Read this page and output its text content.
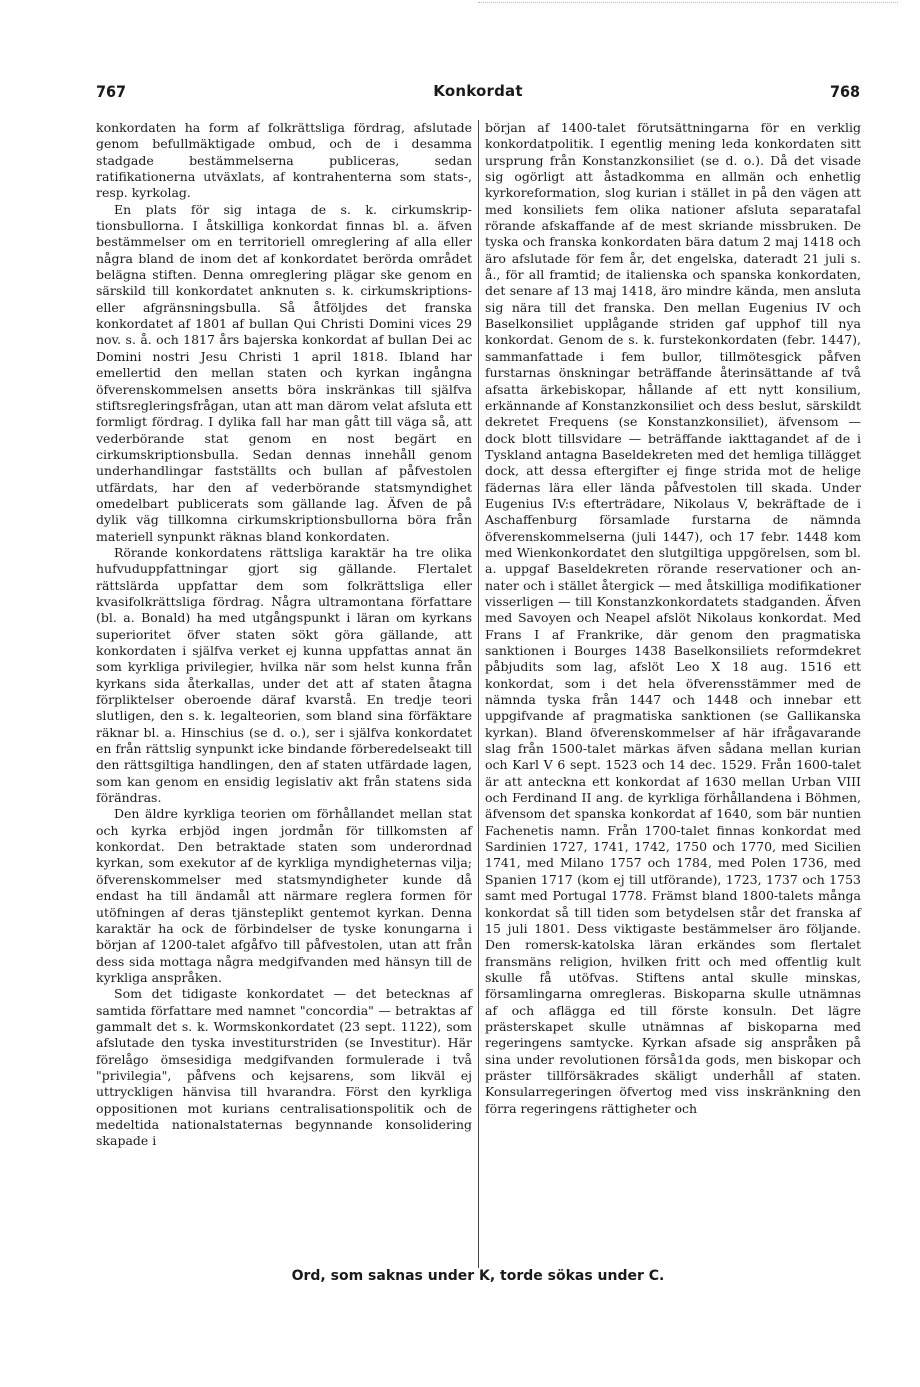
767	Konkordat	768

konkordaten ha form af folkrättsliga fördrag, afslutade genom befullmäktigade ombud, och de i desamma stadgade bestämmelserna publiceras, sedan ratifikationerna utväxlats, af kontrahenterna som stats-, resp. kyrkolag.

En plats för sig intaga de s. k. cirkumskriptionsbullorna. I åtskilliga konkordat finnas bl. a. äfven bestämmelser om en territoriell omreglering af alla eller några bland de inom det af konkordatet berörda området belägna stiften. Denna omreglering plägar ske genom en särskild till konkordatet anknuten s. k. cirkumskriptions- eller afgränsningsbulla. Så åtföljdes det franska konkordatet af 1801 af bullan Qui Christi Domini vices 29 nov. s. å. och 1817 års bajerska konkordat af bullan Dei ac Domini nostri Jesu Christi 1 april 1818. Ibland har emellertid den mellan staten och kyrkan ingångna öfverenskommelsen ansetts böra inskränkas till själfva stiftsregleringsfrågan, utan att man därom velat afsluta ett formligt fördrag. I dylika fall har man gått till väga så, att vederbörande stat genom en nost begärt en cirkumskriptionsbulla. Sedan dennas innehåll genom underhandlingar fastställts och bullan af påfvestolen utfärdats, har den af vederbörande statsmyndighet omedelbart publicerats som gällande lag. Äfven de på dylik väg tillkomna cirkumskriptionsbullorna böra från materiell synpunkt räknas bland konkordaten.

Rörande konkordatens rättsliga karaktär ha tre olika hufvuduppfattningar gjort sig gällande. Flertalet rättslärda uppfattar dem som folkrättsliga eller kvasifolkrättsliga fördrag. Några ultramontana författare (bl. a. Bonald) ha med utgångspunkt i läran om kyrkans superioritet öfver staten sökt göra gällande, att konkordaten i själfva verket ej kunna uppfattas annat än som kyrkliga privilegier, hvilka när som helst kunna från kyrkans sida återkallas, under det att af staten åtagna förpliktelser oberoende däraf kvarstå. En tredje teori slutligen, den s. k. legalteorien, som bland sina förfäktare räknar bl. a. Hinschius (se d. o.), ser i själfva konkordatet en från rättslig synpunkt icke bindande förberedelseakt till den rättsgiltiga handlingen, den af staten utfärdade lagen, som kan genom en ensidig legislativ akt från statens sida förändras.

Den äldre kyrkliga teorien om förhållandet mellan stat och kyrka erbjöd ingen jordmån för tillkomsten af konkordat. Den betraktade staten som underordnad kyrkan, som exekutor af de kyrkliga myndigheternas vilja; öfverenskommelser med statsmyndigheter kunde då endast ha till ändamål att närmare reglera formen för utöfningen af deras tjänsteplikt gentemot kyrkan. Denna karaktär ha ock de förbindelser de tyske konungarna i början af 1200-talet afgåfvo till påfvestolen, utan att från dess sida mottaga några medgifvanden med hänsyn till de kyrkliga anspråken.

Som det tidigaste konkordatet — det betecknas af samtida författare med namnet "concordia" — betraktas af gammalt det s. k. Wormskonkordatet (23 sept. 1122), som afslutade den tyska investiturstriden (se Investitur). Här förelågo ömsesidiga medgifvanden formulerade i två "privilegia", påfvens och kejsarens, som likväl ej uttryckligen hänvisa till hvarandra. Först den kyrkliga oppositionen mot kurians centralisationspolitik och de medeltida nationalstaternas begynnande konsolidering skapade i

början af 1400-talet förutsättningarna för en verklig konkordatpolitik. I egentlig mening leda konkordaten sitt ursprung från Konstanzkonsiliet (se d. o.). Då det visade sig ogörligt att åstadkomma en allmän och enhetlig kyrkoreformation, slog kurian i stället in på den vägen att med konsiliets fem olika nationer afsluta separatafal rörande afskaffande af de mest skriande missbruken. De tyska och franska konkordaten bära datum 2 maj 1418 och äro afslutade för fem år, det engelska, dateradt 21 juli s. å., för all framtid; de italienska och spanska konkordaten, det senare af 13 maj 1418, äro mindre kända, men ansluta sig nära till det franska. Den mellan Eugenius IV och Baselkonsiliet upplågande striden gaf upphof till nya konkordat. Genom de s. k. furstekonkordaten (febr. 1447), sammanfattade i fem bullor, tillmötesgick påfven furstarnas önskningar beträffande återinsättande af två afsatta ärkebiskopar, hållande af ett nytt konsilium, erkännande af Konstanzkonsiliet och dess beslut, särskildt dekretet Frequens (se Konstanzkonsiliet), äfvensom — dock blott tillsvidare — beträffande iakttagandet af de i Tyskland antagna Baseldekreten med det hemliga tillägget dock, att dessa eftergifter ej finge strida mot de helige fädernas lära eller lända påfvestolen till skada. Under Eugenius IV:s efterträdare, Nikolaus V, bekräftade de i Aschaffenburg församlade furstarna de nämnda öfverenskommelserna (juli 1447), och 17 febr. 1448 kom med Wienkonkordatet den slutgiltiga uppgörelsen, som bl. a. uppgaf Baseldekreten rörande reservationer och annater och i stället återgick — med åtskilliga modifikationer visserligen — till Konstanzkonkordatets stadganden. Äfven med Savoyen och Neapel afslöt Nikolaus konkordat. Med Frans I af Frankrike, där genom den pragmatiska sanktionen i Bourges 1438 Baselkonsiliets reformdekret påbjudits som lag, afslöt Leo X 18 aug. 1516 ett konkordat, som i det hela öfverensstämmer med de nämnda tyska från 1447 och 1448 och innebar ett uppgifvande af pragmatiska sanktionen (se Gallikanska kyrkan). Bland öfverenskommelser af här ifrågavarande slag från 1500-talet märkas äfven sådana mellan kurian och Karl V 6 sept. 1523 och 14 dec. 1529. Från 1600-talet är att anteckna ett konkordat af 1630 mellan Urban VIII och Ferdinand II ang. de kyrkliga förhållandena i Böhmen, äfvensom det spanska konkordat af 1640, som bär nuntien Fachenetis namn. Från 1700-talet finnas konkordat med Sardinien 1727, 1741, 1742, 1750 och 1770, med Sicilien 1741, med Milano 1757 och 1784, med Polen 1736, med Spanien 1717 (kom ej till utförande), 1723, 1737 och 1753 samt med Portugal 1778. Främst bland 1800-talets många konkordat så till tiden som betydelsen står det franska af 15 juli 1801. Dess viktigaste bestämmelser äro följande. Den romersk-katolska läran erkändes som flertalet fransmäns religion, hvilken fritt och med offentlig kult skulle få utöfvas. Stiftens antal skulle minskas, församlingarna omregleras. Biskoparna skulle utnämnas af och aflägga ed till förste konsuln. Det lägre prästerskapet skulle utnämnas af biskoparna med regeringens samtycke. Kyrkan afsade sig anspråken på sina under revolutionen förså1da gods, men biskopar och präster tillförsäkrades skäligt underhåll af staten. Konsularregeringen öfvertog med viss inskränkning den förra regeringens rättigheter och

Ord, som saknas under K, torde sökas under C.
